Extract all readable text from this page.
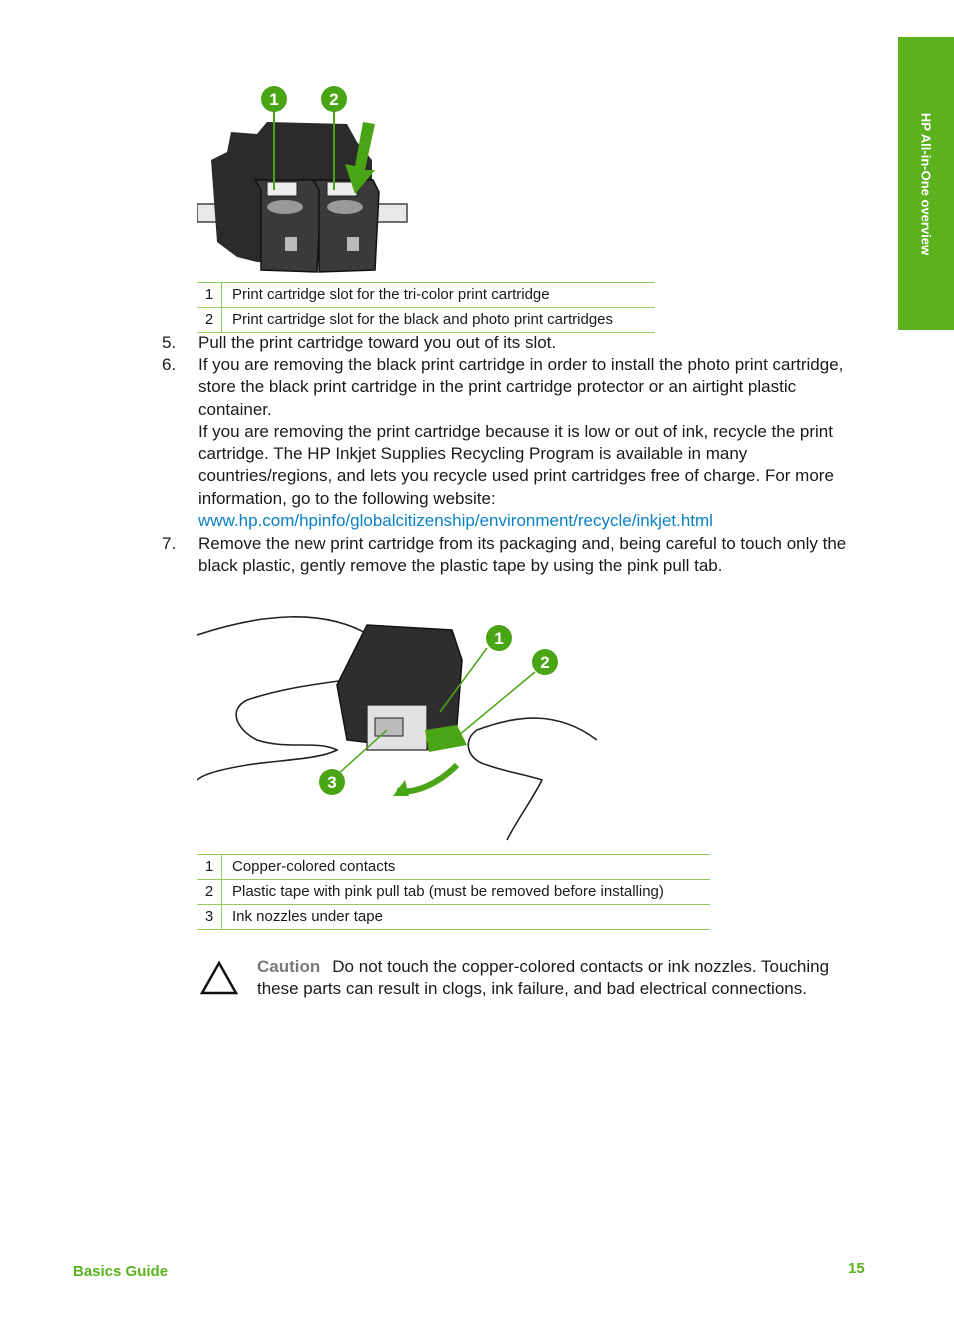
HP All-in-One overview
1	2
1	Print cartridge slot for the tri-color print cartridge
2	Print cartridge slot for the black and photo print cartridges
5. Pull the print cartridge toward you out of its slot.
6. If you are removing the black print cartridge in order to install the photo print cartridge, store the black print cartridge in the print cartridge protector or an airtight plastic container.
If you are removing the print cartridge because it is low or out of ink, recycle the print cartridge. The HP Inkjet Supplies Recycling Program is available in many countries/regions, and lets you recycle used print cartridges free of charge. For more information, go to the following website:
www.hp.com/hpinfo/globalcitizenship/environment/recycle/inkjet.html
7. Remove the new print cartridge from its packaging and, being careful to touch only the black plastic, gently remove the plastic tape by using the pink pull tab.
1
2
3
1	Copper-colored contacts
2	Plastic tape with pink pull tab (must be removed before installing)
3	Ink nozzles under tape
Caution Do not touch the copper-colored contacts or ink nozzles. Touching these parts can result in clogs, ink failure, and bad electrical connections.
Basics Guide	15
